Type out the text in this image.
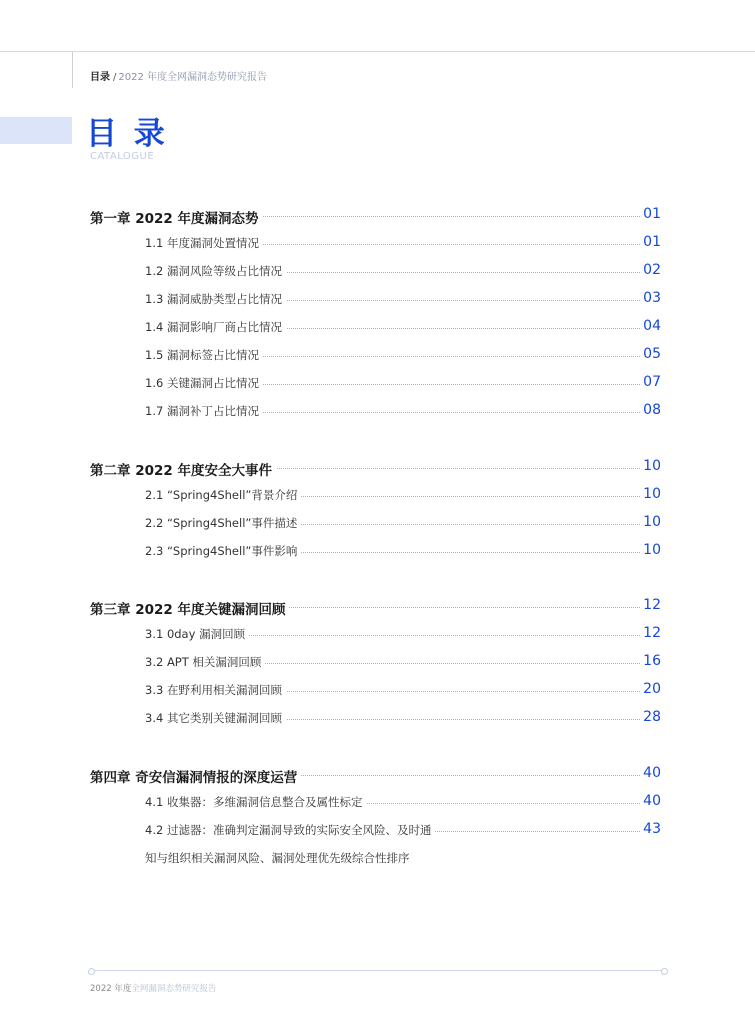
目录 / 2022 年度全网漏洞态势研究报告
目 录
CATALOGUE
第一章 2022 年度漏洞态势	01
1.1 年度漏洞处置情况	01
1.2 漏洞风险等级占比情况	02
1.3 漏洞威胁类型占比情况	03
1.4 漏洞影响厂商占比情况	04
1.5 漏洞标签占比情况	05
1.6 关键漏洞占比情况	07
1.7 漏洞补丁占比情况	08
第二章 2022 年度安全大事件	10
2.1 “Spring4Shell”背景介绍	10
2.2 “Spring4Shell”事件描述	10
2.3 “Spring4Shell”事件影响	10
第三章 2022 年度关键漏洞回顾	12
3.1 0day 漏洞回顾	12
3.2 APT 相关漏洞回顾	16
3.3 在野利用相关漏洞回顾	20
3.4 其它类别关键漏洞回顾	28
第四章 奇安信漏洞情报的深度运营	40
4.1 收集器：多维漏洞信息整合及属性标定	40
4.2 过滤器：准确判定漏洞导致的实际安全风险、及时通	43
知与组织相关漏洞风险、漏洞处理优先级综合性排序
2022 年度全网漏洞态势研究报告
